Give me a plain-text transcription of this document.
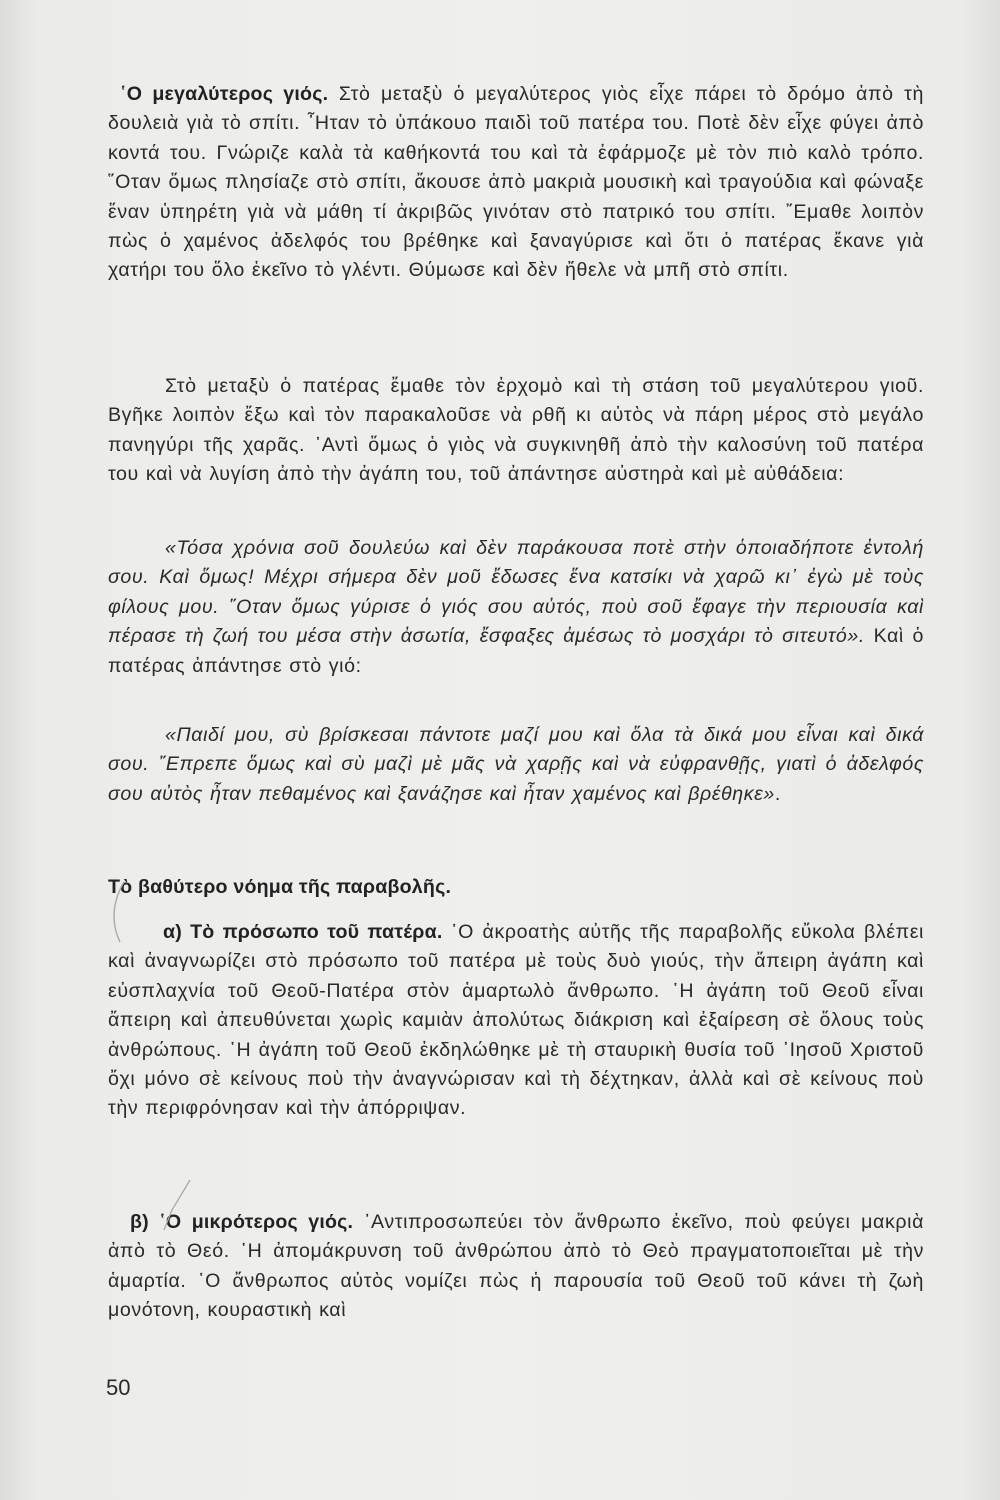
῾Ο μεγαλύτερος γιός. Στὸ μεταξὺ ὁ μεγαλύτερος γιὸς εἶχε πάρει τὸ δρόμο ἀπὸ τὴ δουλειὰ γιὰ τὸ σπίτι. ῏Ηταν τὸ ὑπάκουο παιδὶ τοῦ πατέρα του. Ποτὲ δὲν εἶχε φύγει ἀπὸ κοντά του. Γνώριζε καλὰ τὰ καθήκοντά του καὶ τὰ ἐφάρμοζε μὲ τὸν πιὸ καλὸ τρόπο. ῞Οταν ὅμως πλησίαζε στὸ σπίτι, ἄκουσε ἀπὸ μακριὰ μουσικὴ καὶ τραγούδια καὶ φώναξε ἕναν ὑπηρέτη γιὰ νὰ μάθη τί ἀκριβῶς γινόταν στὸ πατρικό του σπίτι. ῎Εμαθε λοιπὸν πὼς ὁ χαμένος ἀδελφός του βρέθηκε καὶ ξαναγύρισε καὶ ὅτι ὁ πατέρας ἔκανε γιὰ χατήρι του ὅλο ἐκεῖνο τὸ γλέντι. Θύμωσε καὶ δὲν ἤθελε νὰ μπῆ στὸ σπίτι.

Στὸ μεταξὺ ὁ πατέρας ἔμαθε τὸν ἐρχομὸ καὶ τὴ στάση τοῦ μεγαλύτερου γιοῦ. Βγῆκε λοιπὸν ἔξω καὶ τὸν παρακαλοῦσε νὰ ρθῆ κι αὐτὸς νὰ πάρη μέρος στὸ μεγάλο πανηγύρι τῆς χαρᾶς. ᾿Αντὶ ὅμως ὁ γιὸς νὰ συγκινηθῆ ἀπὸ τὴν καλοσύνη τοῦ πατέρα του καὶ νὰ λυγίση ἀπὸ τὴν ἀγάπη του, τοῦ ἀπάντησε αὐστηρὰ καὶ μὲ αὐθάδεια:

«Τόσα χρόνια σοῦ δουλεύω καὶ δὲν παράκουσα ποτὲ στὴν ὁποιαδήποτε ἐντολή σου. Καὶ ὅμως! Μέχρι σήμερα δὲν μοῦ ἔδωσες ἕνα κατσίκι νὰ χαρῶ κι᾿ ἐγὼ μὲ τοὺς φίλους μου. ῞Οταν ὅμως γύρισε ὁ γιός σου αὐτός, ποὺ σοῦ ἔφαγε τὴν περιουσία καὶ πέρασε τὴ ζωή του μέσα στὴν ἀσωτία, ἔσφαξες ἀμέσως τὸ μοσχάρι τὸ σιτευτό». Καὶ ὁ πατέρας ἀπάντησε στὸ γιό:

«Παιδί μου, σὺ βρίσκεσαι πάντοτε μαζί μου καὶ ὅλα τὰ δικά μου εἶναι καὶ δικά σου. ῎Επρεπε ὅμως καὶ σὺ μαζὶ μὲ μᾶς νὰ χαρῇς καὶ νὰ εὐφρανθῇς, γιατὶ ὁ ἀδελφός σου αὐτὸς ἦταν πεθαμένος καὶ ξανάζησε καὶ ἦταν χαμένος καὶ βρέθηκε».

Τὸ βαθύτερο νόημα τῆς παραβολῆς.

α) Τὸ πρόσωπο τοῦ πατέρα. ῾Ο ἀκροατὴς αὐτῆς τῆς παραβολῆς εὔκολα βλέπει καὶ ἀναγνωρίζει στὸ πρόσωπο τοῦ πατέρα μὲ τοὺς δυὸ γιούς, τὴν ἄπειρη ἀγάπη καὶ εὐσπλαχνία τοῦ Θεοῦ-Πατέρα στὸν ἁμαρτωλὸ ἄνθρωπο. ῾Η ἀγάπη τοῦ Θεοῦ εἶναι ἄπειρη καὶ ἀπευθύνεται χωρὶς καμιὰν ἀπολύτως διάκριση καὶ ἐξαίρεση σὲ ὅλους τοὺς ἀνθρώπους. ῾Η ἀγάπη τοῦ Θεοῦ ἐκδηλώθηκε μὲ τὴ σταυρικὴ θυσία τοῦ ᾿Ιησοῦ Χριστοῦ ὄχι μόνο σὲ κείνους ποὺ τὴν ἀναγνώρισαν καὶ τὴ δέχτηκαν, ἀλλὰ καὶ σὲ κείνους ποὺ τὴν περιφρόνησαν καὶ τὴν ἀπόρριψαν.

β) ῾Ο μικρότερος γιός. ᾿Αντιπροσωπεύει τὸν ἄνθρωπο ἐκεῖνο, ποὺ φεύγει μακριὰ ἀπὸ τὸ Θεό. ῾Η ἀπομάκρυνση τοῦ ἀνθρώπου ἀπὸ τὸ Θεὸ πραγματοποιεῖται μὲ τὴν ἁμαρτία. ῾Ο ἄνθρωπος αὐτὸς νομίζει πὼς ἡ παρουσία τοῦ Θεοῦ τοῦ κάνει τὴ ζωὴ μονότονη, κουραστικὴ καὶ

50
